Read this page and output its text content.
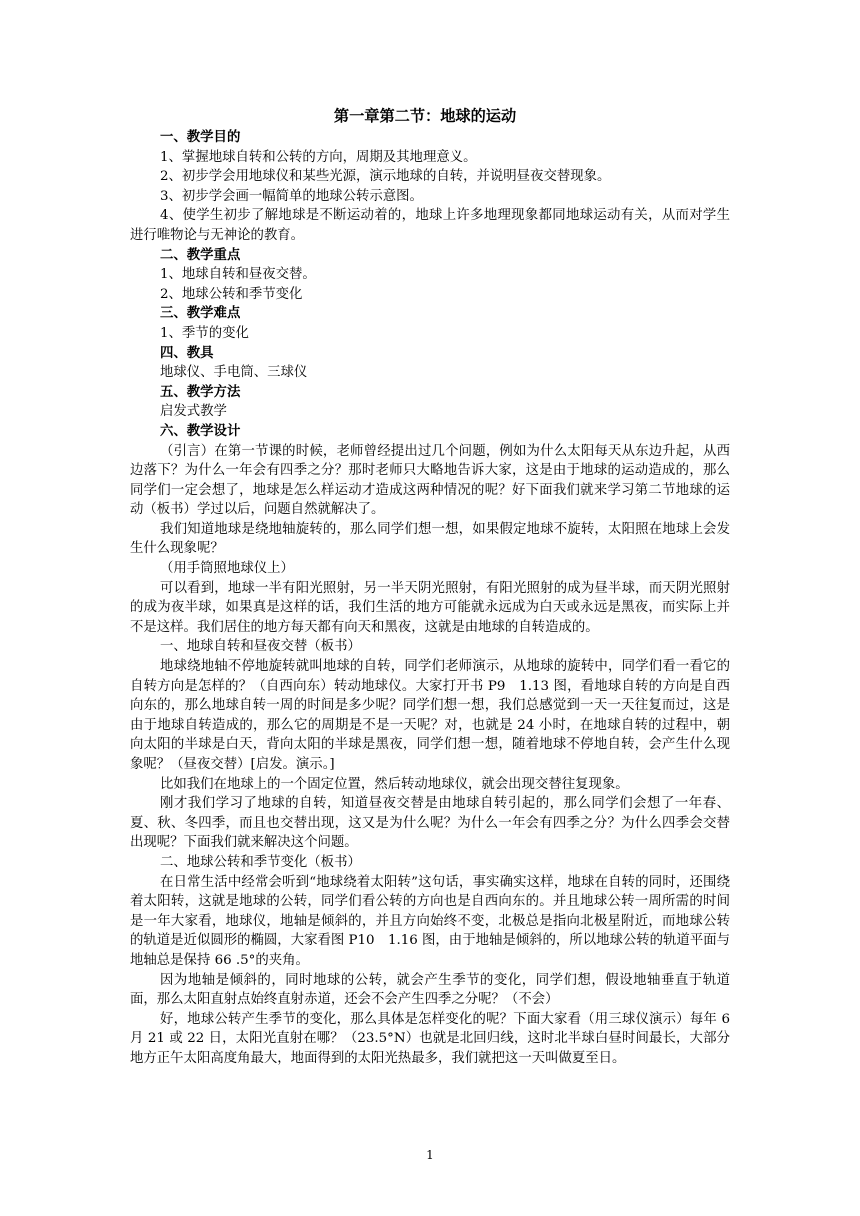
第一章第二节：地球的运动
一、教学目的
1、掌握地球自转和公转的方向，周期及其地理意义。
2、初步学会用地球仪和某些光源，演示地球的自转，并说明昼夜交替现象。
3、初步学会画一幅简单的地球公转示意图。
4、使学生初步了解地球是不断运动着的，地球上许多地理现象都同地球运动有关，从而对学生进行唯物论与无神论的教育。
二、教学重点
1、地球自转和昼夜交替。
2、地球公转和季节变化
三、教学难点
1、季节的变化
四、教具
地球仪、手电筒、三球仪
五、教学方法
启发式教学
六、教学设计
（引言）在第一节课的时候，老师曾经提出过几个问题，例如为什么太阳每天从东边升起，从西边落下？为什么一年会有四季之分？那时老师只大略地告诉大家，这是由于地球的运动造成的，那么同学们一定会想了，地球是怎么样运动才造成这两种情况的呢？好下面我们就来学习第二节地球的运动（板书）学过以后，问题自然就解决了。
我们知道地球是绕地轴旋转的，那么同学们想一想，如果假定地球不旋转，太阳照在地球上会发生什么现象呢？
（用手筒照地球仪上）
可以看到，地球一半有阳光照射，另一半天阴光照射，有阳光照射的成为昼半球，而天阴光照射的成为夜半球，如果真是这样的话，我们生活的地方可能就永远成为白天或永远是黑夜，而实际上并不是这样。我们居住的地方每天都有向天和黑夜，这就是由地球的自转造成的。
一、地球自转和昼夜交替（板书）
地球绕地轴不停地旋转就叫地球的自转，同学们老师演示，从地球的旋转中，同学们看一看它的自转方向是怎样的？（自西向东）转动地球仪。大家打开书 P9　1.13 图，看地球自转的方向是自西向东的，那么地球自转一周的时间是多少呢？同学们想一想，我们总感觉到一天一天往复而过，这是由于地球自转造成的，那么它的周期是不是一天呢？对，也就是 24 小时，在地球自转的过程中，朝向太阳的半球是白天，背向太阳的半球是黑夜，同学们想一想，随着地球不停地自转，会产生什么现象呢？（昼夜交替）[启发。演示。]
比如我们在地球上的一个固定位置，然后转动地球仪，就会出现交替往复现象。
刚才我们学习了地球的自转，知道昼夜交替是由地球自转引起的，那么同学们会想了一年春、夏、秋、冬四季，而且也交替出现，这又是为什么呢？为什么一年会有四季之分？为什么四季会交替出现呢？下面我们就来解决这个问题。
二、地球公转和季节变化（板书）
在日常生活中经常会听到“地球绕着太阳转”这句话，事实确实这样，地球在自转的同时，还围绕着太阳转，这就是地球的公转，同学们看公转的方向也是自西向东的。并且地球公转一周所需的时间是一年大家看，地球仪，地轴是倾斜的，并且方向始终不变，北极总是指向北极星附近，而地球公转的轨道是近似圆形的椭圆，大家看图 P10　1.16 图，由于地轴是倾斜的，所以地球公转的轨道平面与地轴总是保持 66 .5°的夹角。
因为地轴是倾斜的，同时地球的公转，就会产生季节的变化，同学们想，假设地轴垂直于轨道面，那么太阳直射点始终直射赤道，还会不会产生四季之分呢？（不会）
好，地球公转产生季节的变化，那么具体是怎样变化的呢？下面大家看（用三球仪演示）每年 6 月 21 或 22 日，太阳光直射在哪？（23.5°N）也就是北回归线，这时北半球白昼时间最长，大部分地方正午太阳高度角最大，地面得到的太阳光热最多，我们就把这一天叫做夏至日。
1
